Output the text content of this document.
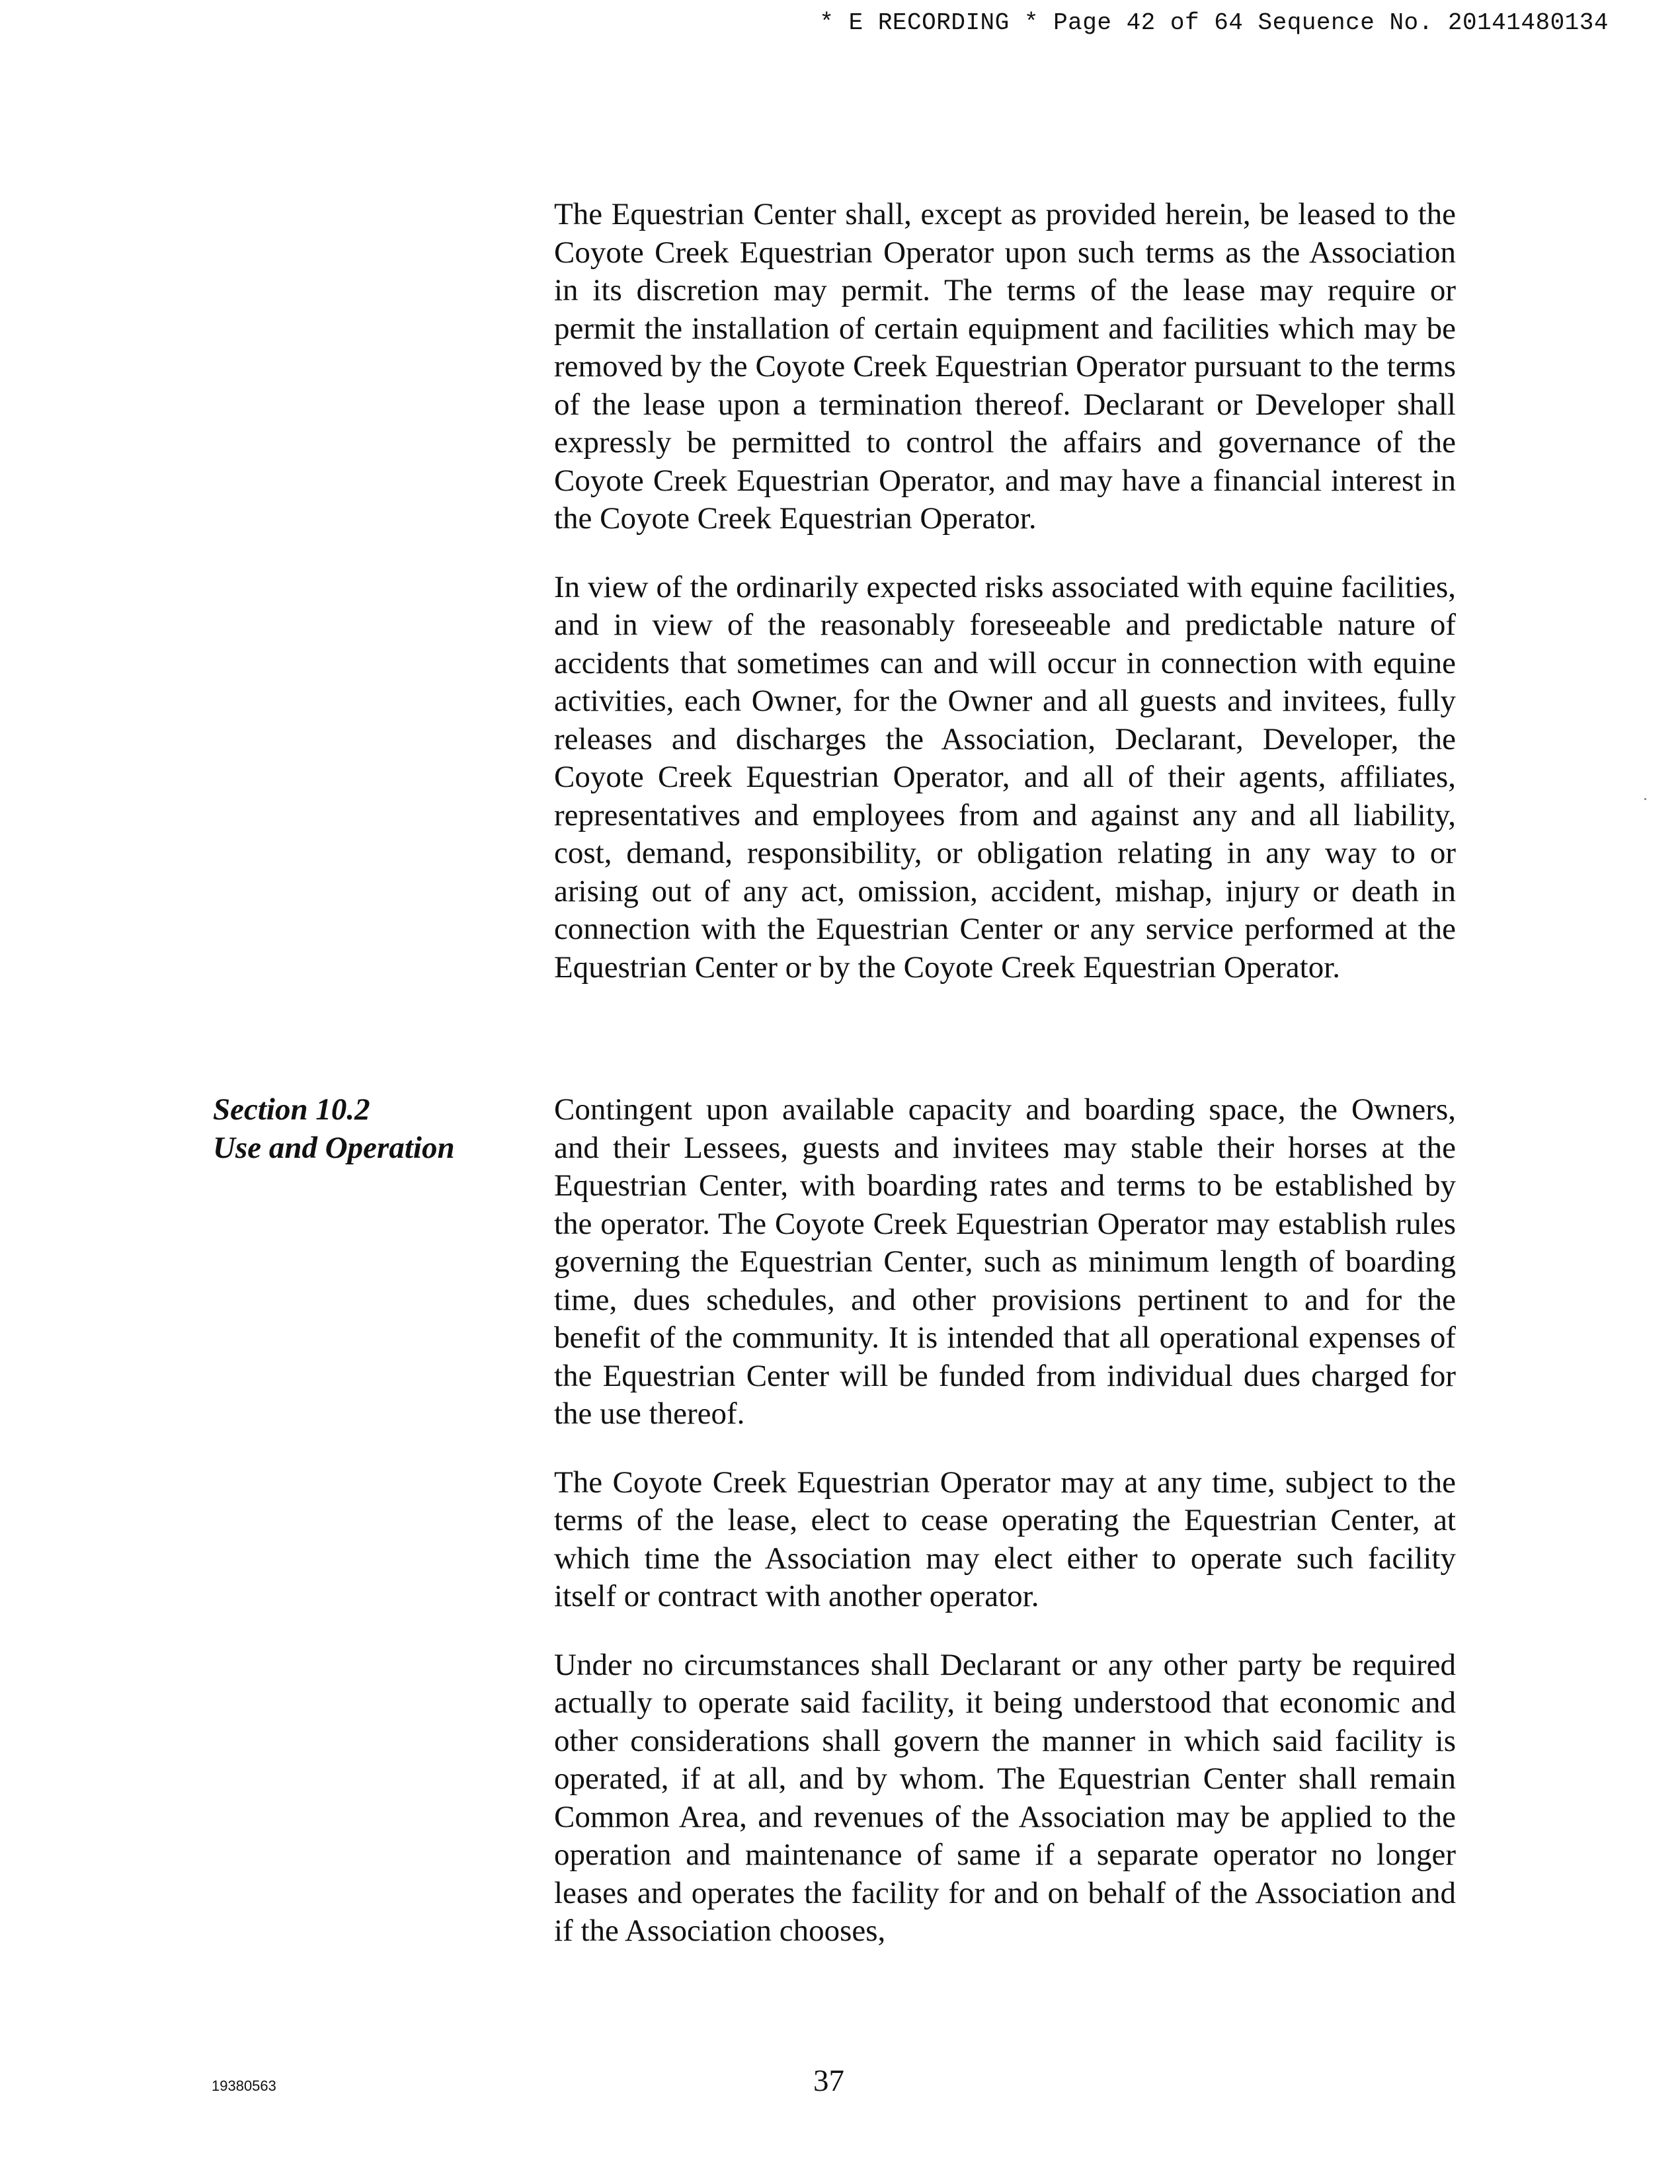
* E RECORDING * Page 42 of 64 Sequence No. 20141480134

The Equestrian Center shall, except as provided herein, be leased to the Coyote Creek Equestrian Operator upon such terms as the Association in its discretion may permit. The terms of the lease may require or permit the installation of certain equipment and facilities which may be removed by the Coyote Creek Equestrian Operator pursuant to the terms of the lease upon a termination thereof. Declarant or Developer shall expressly be permitted to control the affairs and governance of the Coyote Creek Equestrian Operator, and may have a financial interest in the Coyote Creek Equestrian Operator.

In view of the ordinarily expected risks associated with equine facilities, and in view of the reasonably foreseeable and predictable nature of accidents that sometimes can and will occur in connection with equine activities, each Owner, for the Owner and all guests and invitees, fully releases and discharges the Association, Declarant, Developer, the Coyote Creek Equestrian Operator, and all of their agents, affiliates, representatives and employees from and against any and all liability, cost, demand, responsibility, or obligation relating in any way to or arising out of any act, omission, accident, mishap, injury or death in connection with the Equestrian Center or any service performed at the Equestrian Center or by the Coyote Creek Equestrian Operator.

Section 10.2
Use and Operation

Contingent upon available capacity and boarding space, the Owners, and their Lessees, guests and invitees may stable their horses at the Equestrian Center, with boarding rates and terms to be established by the operator. The Coyote Creek Equestrian Operator may establish rules governing the Equestrian Center, such as minimum length of boarding time, dues schedules, and other provisions pertinent to and for the benefit of the community. It is intended that all operational expenses of the Equestrian Center will be funded from individual dues charged for the use thereof.

The Coyote Creek Equestrian Operator may at any time, subject to the terms of the lease, elect to cease operating the Equestrian Center, at which time the Association may elect either to operate such facility itself or contract with another operator.

Under no circumstances shall Declarant or any other party be required actually to operate said facility, it being understood that economic and other considerations shall govern the manner in which said facility is operated, if at all, and by whom. The Equestrian Center shall remain Common Area, and revenues of the Association may be applied to the operation and maintenance of same if a separate operator no longer leases and operates the facility for and on behalf of the Association and if the Association chooses,

19380563	37
